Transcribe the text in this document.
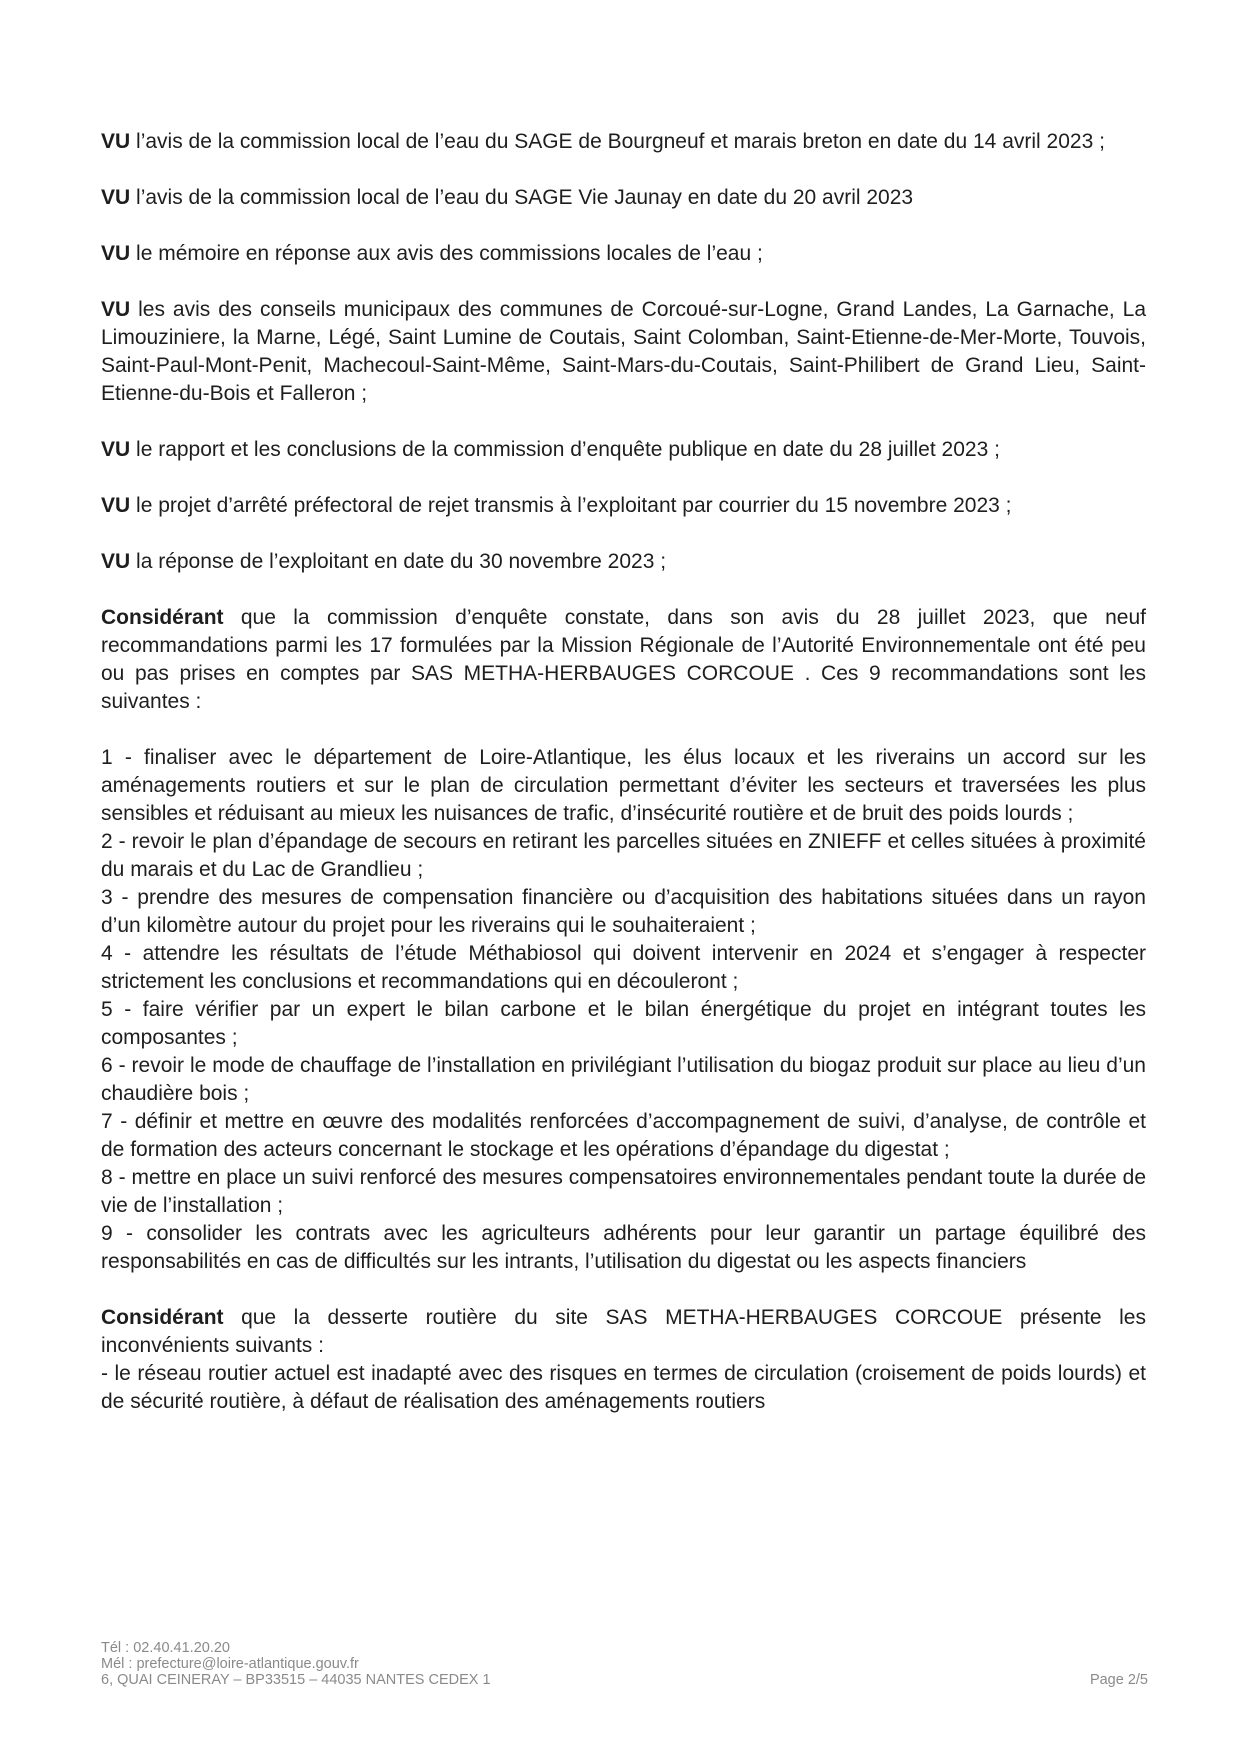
VU l’avis de la commission local de l’eau du SAGE de Bourgneuf et marais breton en date du 14 avril 2023 ;

VU l’avis de la commission local de l’eau du SAGE Vie Jaunay en date du 20 avril 2023

VU le mémoire en réponse aux avis des commissions locales de l’eau ;

VU les avis des conseils municipaux des communes de Corcoué-sur-Logne, Grand Landes, La Garnache, La Limouziniere, la Marne, Légé, Saint Lumine de Coutais, Saint Colomban, Saint-Etienne-de-Mer-Morte, Touvois, Saint-Paul-Mont-Penit, Machecoul-Saint-Même, Saint-Mars-du-Coutais, Saint-Philibert de Grand Lieu, Saint-Etienne-du-Bois et Falleron ;

VU le rapport et les conclusions de la commission d’enquête publique en date du 28 juillet 2023 ;

VU le projet d’arrêté préfectoral de rejet transmis à l’exploitant par courrier du 15 novembre 2023 ;

VU la réponse de l’exploitant en date du 30 novembre 2023 ;

Considérant que la commission d’enquête constate, dans son avis du 28 juillet 2023, que neuf recommandations parmi les 17 formulées par la Mission Régionale de l’Autorité Environnementale ont été peu ou pas prises en comptes par SAS METHA-HERBAUGES CORCOUE . Ces 9 recommandations sont les suivantes :

1 - finaliser avec le département de Loire-Atlantique, les élus locaux et les riverains un accord sur les aménagements routiers et sur le plan de circulation permettant d’éviter les secteurs et traversées les plus sensibles et réduisant au mieux les nuisances de trafic, d’insécurité routière et de bruit des poids lourds ;

2 - revoir le plan d’épandage de secours en retirant les parcelles situées en ZNIEFF et celles situées à proximité du marais et du Lac de Grandlieu ;

3 - prendre des mesures de compensation financière ou d’acquisition des habitations situées dans un rayon d’un kilomètre autour du projet pour les riverains qui le souhaiteraient ;

4 - attendre les résultats de l’étude Méthabiosol qui doivent intervenir en 2024 et s’engager à respecter strictement les conclusions et recommandations qui en découleront ;

5 - faire vérifier par un expert le bilan carbone et le bilan énergétique du projet en intégrant toutes les composantes ;

6 - revoir le mode de chauffage de l’installation en privilégiant l’utilisation du biogaz produit sur place au lieu d’un chaudière bois ;

7 - définir et mettre en œuvre des modalités renforcées d’accompagnement de suivi, d’analyse, de contrôle et de formation des acteurs concernant le stockage et les opérations d’épandage du digestat ;

8 - mettre en place un suivi renforcé des mesures compensatoires environnementales pendant toute la durée de vie de l’installation ;

9 - consolider les contrats avec les agriculteurs adhérents pour leur garantir un partage équilibré des responsabilités en cas de difficultés sur les intrants, l’utilisation du digestat ou les aspects financiers

Considérant que la desserte routière du site SAS METHA-HERBAUGES CORCOUE présente les inconvénients suivants :

- le réseau routier actuel est inadapté avec des risques en termes de circulation (croisement de poids lourds) et de sécurité routière, à défaut de réalisation des aménagements routiers

Tél : 02.40.41.20.20
Mél : prefecture@loire-atlantique.gouv.fr
6, QUAI CEINERAY – BP33515 – 44035 NANTES CEDEX 1	Page 2/5
